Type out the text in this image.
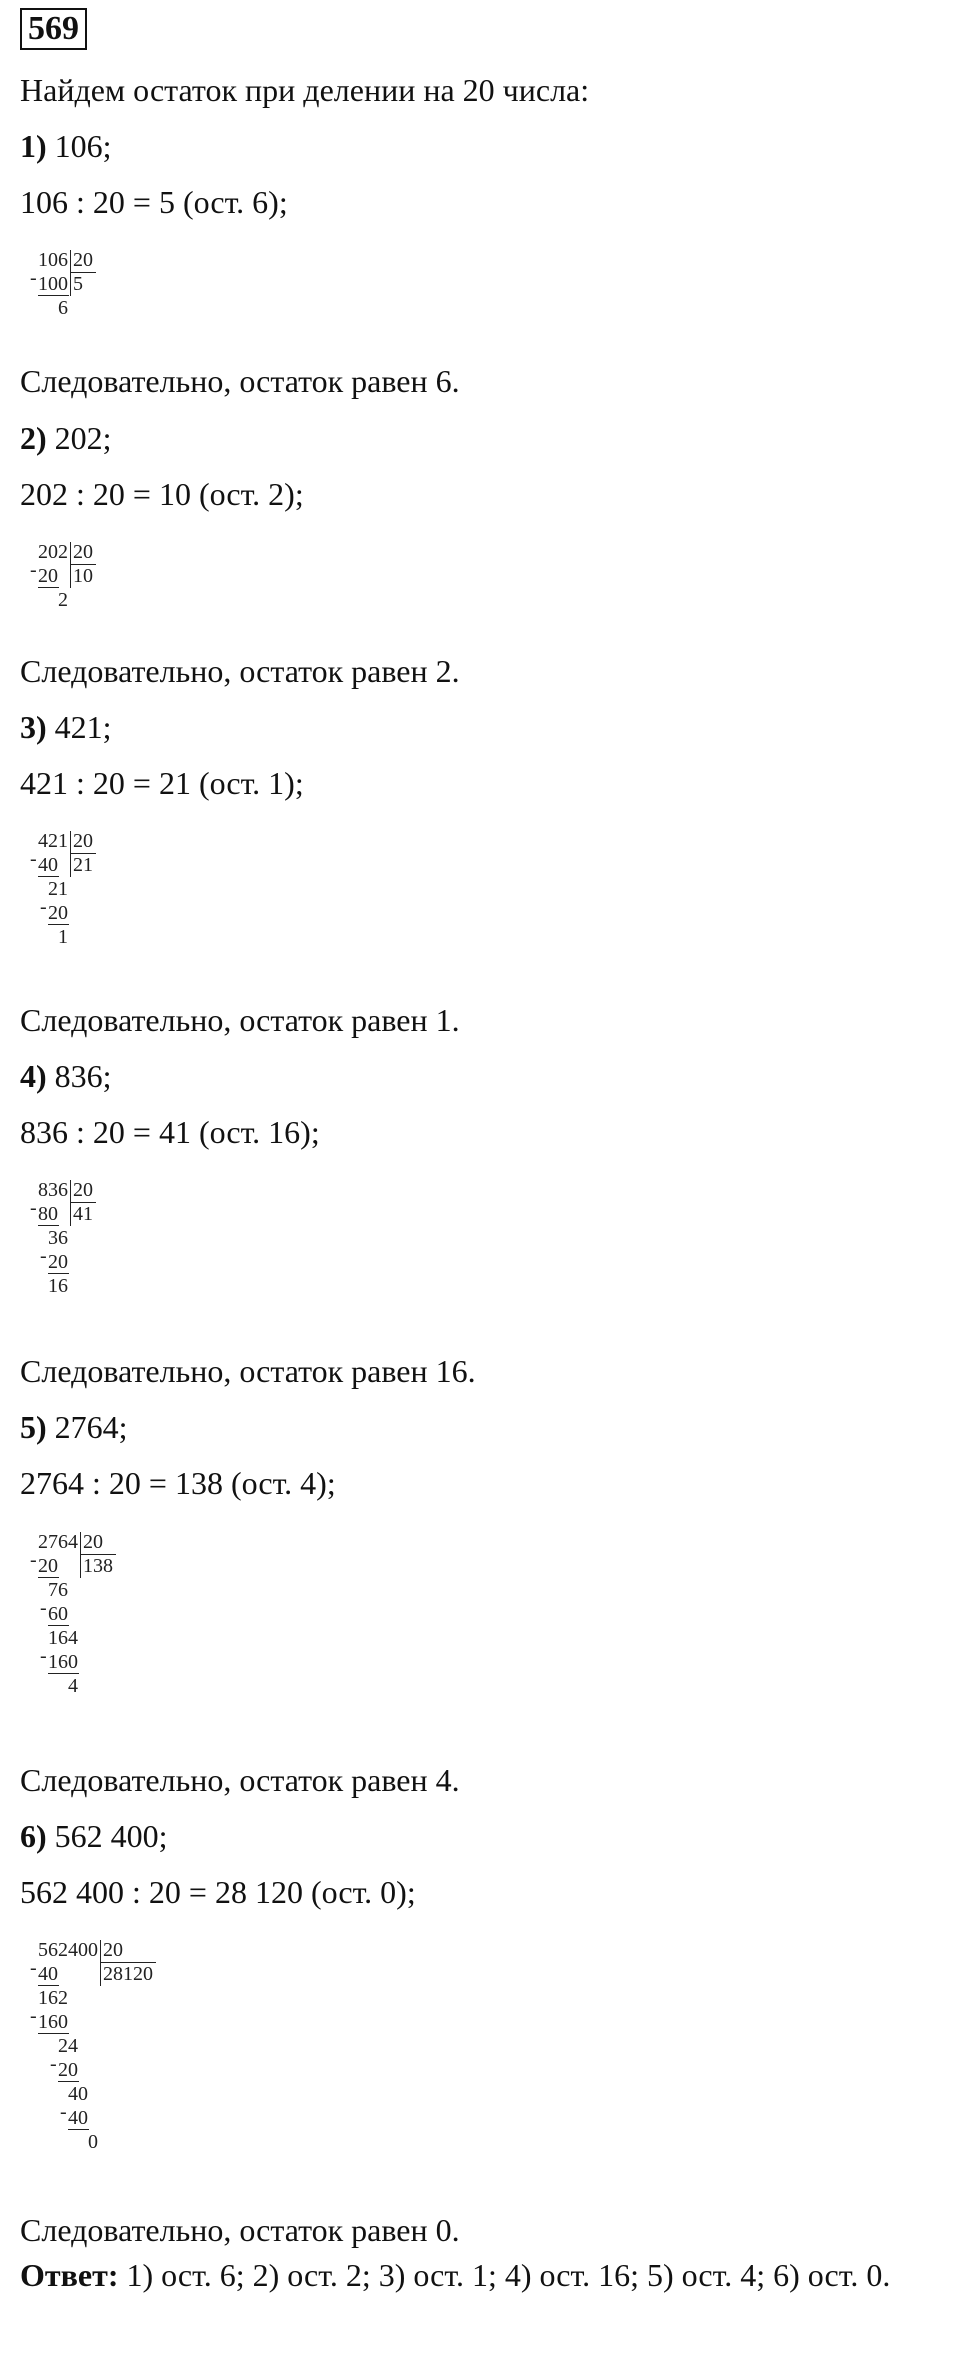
569
Найдем остаток при делении на 20 числа:
1) 106;
106 : 20 = 5 (ост. 6);
106 20
5
- 100
6
Следовательно, остаток равен 6.
2) 202;
202 : 20 = 10 (ост. 2);
202 20
10
- 20
2
Следовательно, остаток равен 2.
3) 421;
421 : 20 = 21 (ост. 1);
421 20
21
- 40
21
- 20
1
Следовательно, остаток равен 1.
4) 836;
836 : 20 = 41 (ост. 16);
836 20
41
- 80
36
- 20
16
Следовательно, остаток равен 16.
5) 2764;
2764 : 20 = 138 (ост. 4);
2764 20
138
- 20
76
- 60
164
- 160
4
Следовательно, остаток равен 4.
6) 562 400;
562 400 : 20 = 28 120 (ост. 0);
562400 20
28120
- 40
162
- 160
24
- 20
40
- 40
0
Следовательно, остаток равен 0.
Ответ: 1) ост. 6; 2) ост. 2; 3) ост. 1; 4) ост. 16; 5) ост. 4; 6) ост. 0.
